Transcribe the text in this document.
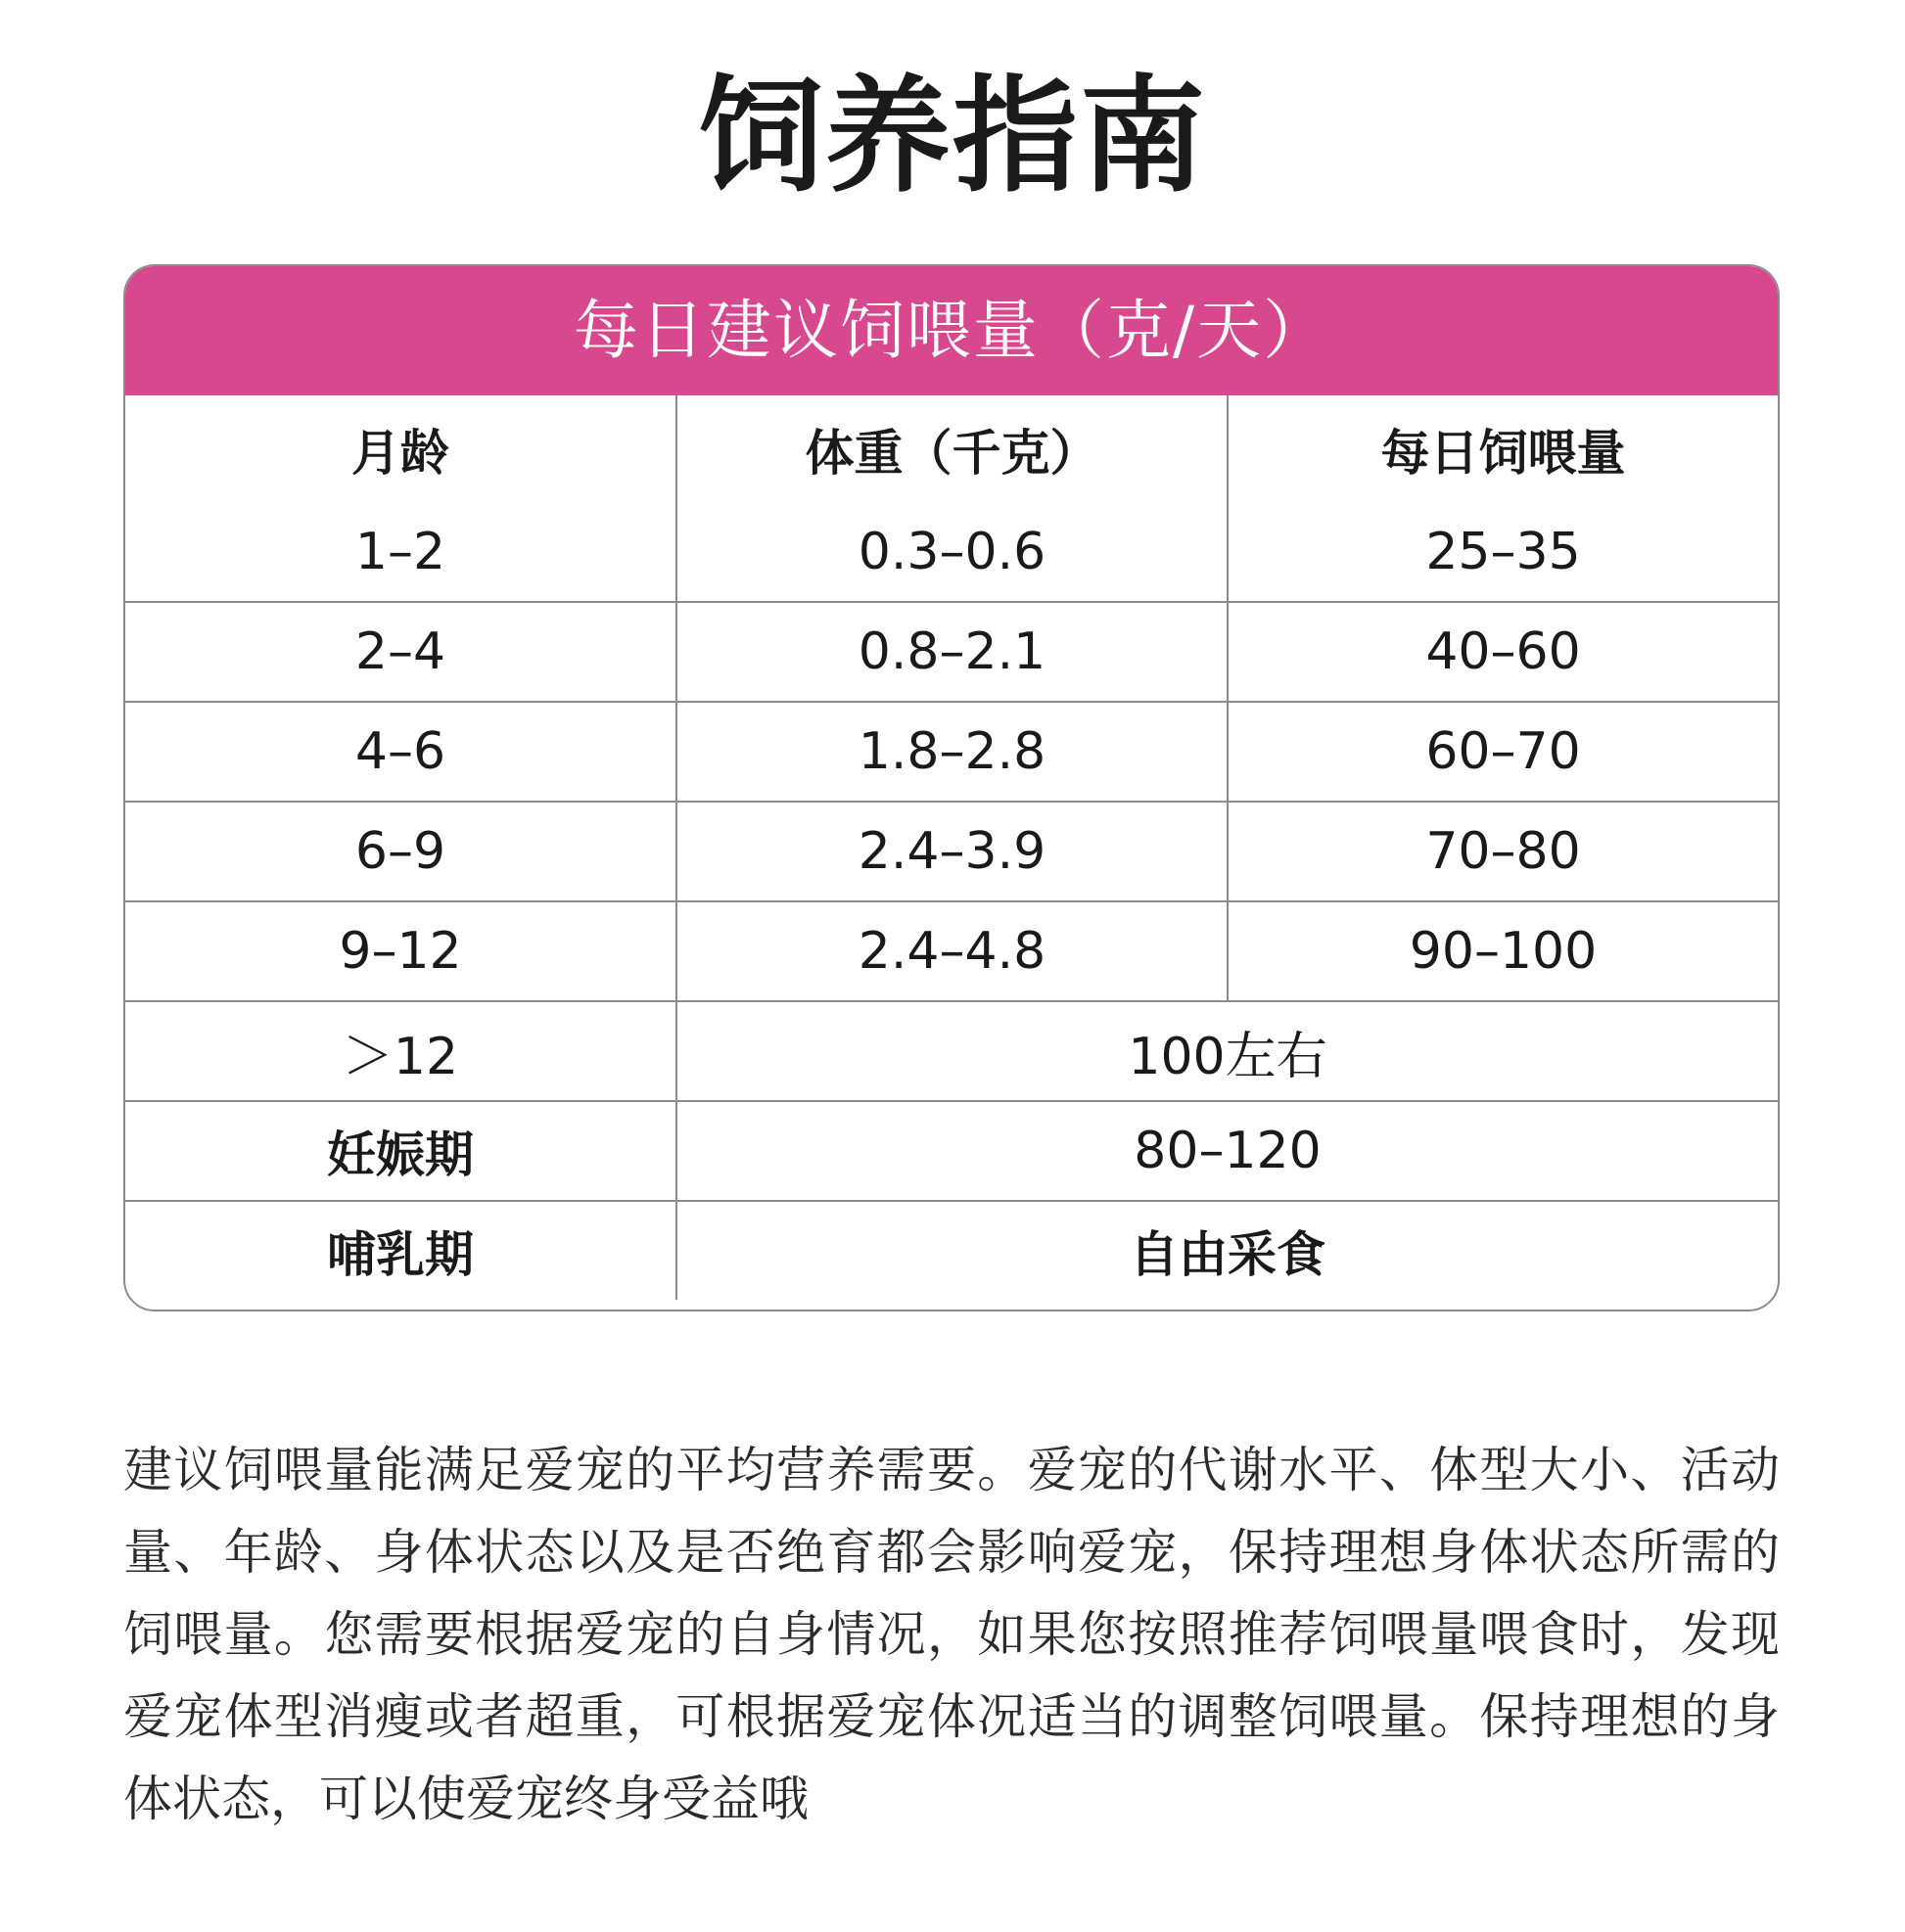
饲养指南
每日建议饲喂量（克/天）
月龄	体重（千克）	每日饲喂量
1–2	0.3–0.6	25–35
2–4	0.8–2.1	40–60
4–6	1.8–2.8	60–70
6–9	2.4–3.9	70–80
9–12	2.4–4.8	90–100
＞12	100左右	
妊娠期	80–120	
哺乳期	自由采食	

建议饲喂量能满足爱宠的平均营养需要。爱宠的代谢水平、体型大小、活动量、年龄、身体状态以及是否绝育都会影响爱宠，保持理想身体状态所需的饲喂量。您需要根据爱宠的自身情况，如果您按照推荐饲喂量喂食时，发现爱宠体型消瘦或者超重，可根据爱宠体况适当的调整饲喂量。保持理想的身体状态，可以使爱宠终身受益哦
